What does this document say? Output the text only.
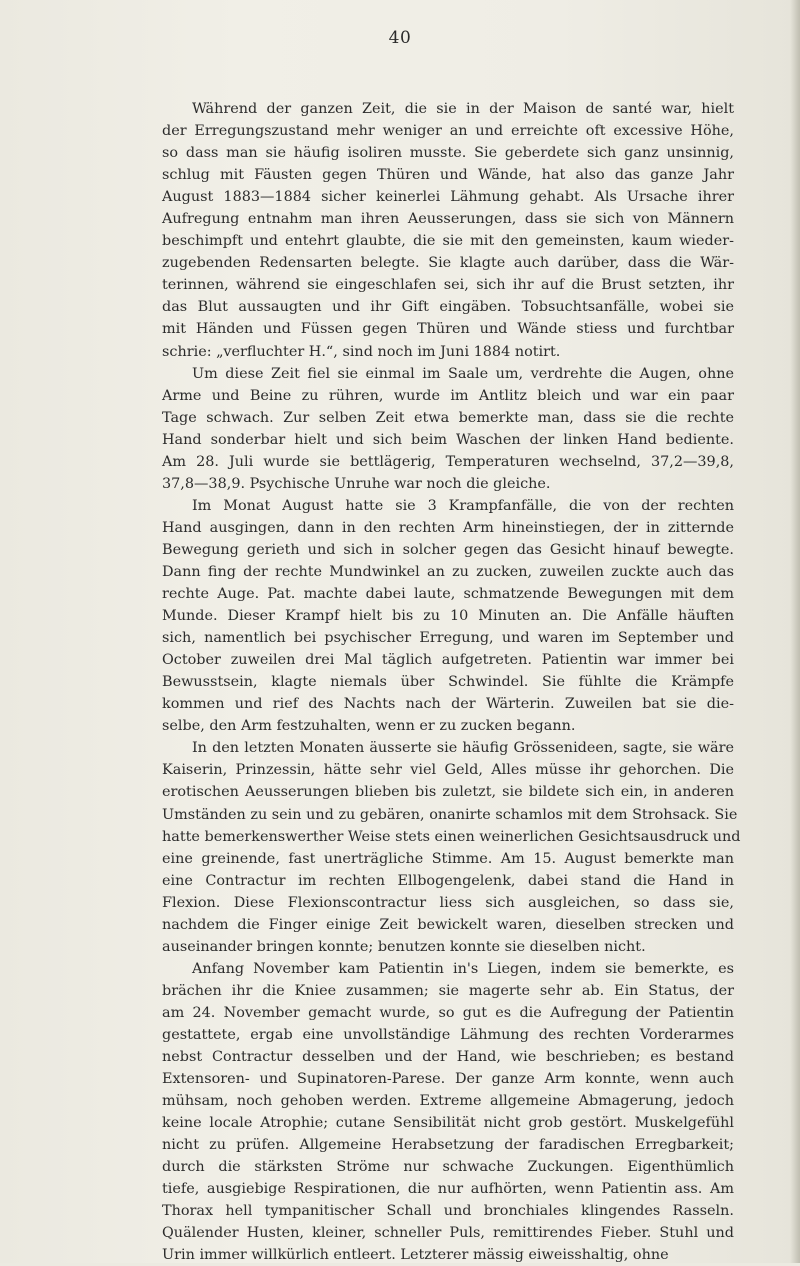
40
Während der ganzen Zeit, die sie in der Maison de santé war, hielt
der Erregungszustand mehr weniger an und erreichte oft excessive Höhe,
so dass man sie häufig isoliren musste. Sie geberdete sich ganz unsinnig,
schlug mit Fäusten gegen Thüren und Wände, hat also das ganze Jahr
August 1883—1884 sicher keinerlei Lähmung gehabt. Als Ursache ihrer
Aufregung entnahm man ihren Aeusserungen, dass sie sich von Männern
beschimpft und entehrt glaubte, die sie mit den gemeinsten, kaum wieder-
zugebenden Redensarten belegte. Sie klagte auch darüber, dass die Wär-
terinnen, während sie eingeschlafen sei, sich ihr auf die Brust setzten, ihr
das Blut aussaugten und ihr Gift eingäben. Tobsuchtsanfälle, wobei sie
mit Händen und Füssen gegen Thüren und Wände stiess und furchtbar
schrie: „verfluchter H.“, sind noch im Juni 1884 notirt.
Um diese Zeit fiel sie einmal im Saale um, verdrehte die Augen, ohne
Arme und Beine zu rühren, wurde im Antlitz bleich und war ein paar
Tage schwach. Zur selben Zeit etwa bemerkte man, dass sie die rechte
Hand sonderbar hielt und sich beim Waschen der linken Hand bediente.
Am 28. Juli wurde sie bettlägerig, Temperaturen wechselnd, 37,2—39,8,
37,8—38,9. Psychische Unruhe war noch die gleiche.
Im Monat August hatte sie 3 Krampfanfälle, die von der rechten
Hand ausgingen, dann in den rechten Arm hineinstiegen, der in zitternde
Bewegung gerieth und sich in solcher gegen das Gesicht hinauf bewegte.
Dann fing der rechte Mundwinkel an zu zucken, zuweilen zuckte auch das
rechte Auge. Pat. machte dabei laute, schmatzende Bewegungen mit dem
Munde. Dieser Krampf hielt bis zu 10 Minuten an. Die Anfälle häuften
sich, namentlich bei psychischer Erregung, und waren im September und
October zuweilen drei Mal täglich aufgetreten. Patientin war immer bei
Bewusstsein, klagte niemals über Schwindel. Sie fühlte die Krämpfe
kommen und rief des Nachts nach der Wärterin. Zuweilen bat sie die-
selbe, den Arm festzuhalten, wenn er zu zucken begann.
In den letzten Monaten äusserte sie häufig Grössenideen, sagte, sie wäre
Kaiserin, Prinzessin, hätte sehr viel Geld, Alles müsse ihr gehorchen. Die
erotischen Aeusserungen blieben bis zuletzt, sie bildete sich ein, in anderen
Umständen zu sein und zu gebären, onanirte schamlos mit dem Strohsack. Sie
hatte bemerkenswerther Weise stets einen weinerlichen Gesichtsausdruck und
eine greinende, fast unerträgliche Stimme. Am 15. August bemerkte man
eine Contractur im rechten Ellbogengelenk, dabei stand die Hand in
Flexion. Diese Flexionscontractur liess sich ausgleichen, so dass sie,
nachdem die Finger einige Zeit bewickelt waren, dieselben strecken und
auseinander bringen konnte; benutzen konnte sie dieselben nicht.
Anfang November kam Patientin in's Liegen, indem sie bemerkte, es
brächen ihr die Kniee zusammen; sie magerte sehr ab. Ein Status, der
am 24. November gemacht wurde, so gut es die Aufregung der Patientin
gestattete, ergab eine unvollständige Lähmung des rechten Vorderarmes
nebst Contractur desselben und der Hand, wie beschrieben; es bestand
Extensoren- und Supinatoren-Parese. Der ganze Arm konnte, wenn auch
mühsam, noch gehoben werden. Extreme allgemeine Abmagerung, jedoch
keine locale Atrophie; cutane Sensibilität nicht grob gestört. Muskelgefühl
nicht zu prüfen. Allgemeine Herabsetzung der faradischen Erregbarkeit;
durch die stärksten Ströme nur schwache Zuckungen. Eigenthümlich
tiefe, ausgiebige Respirationen, die nur aufhörten, wenn Patientin ass. Am
Thorax hell tympanitischer Schall und bronchiales klingendes Rasseln.
Quälender Husten, kleiner, schneller Puls, remittirendes Fieber. Stuhl und
Urin immer willkürlich entleert. Letzterer mässig eiweisshaltig, ohne
